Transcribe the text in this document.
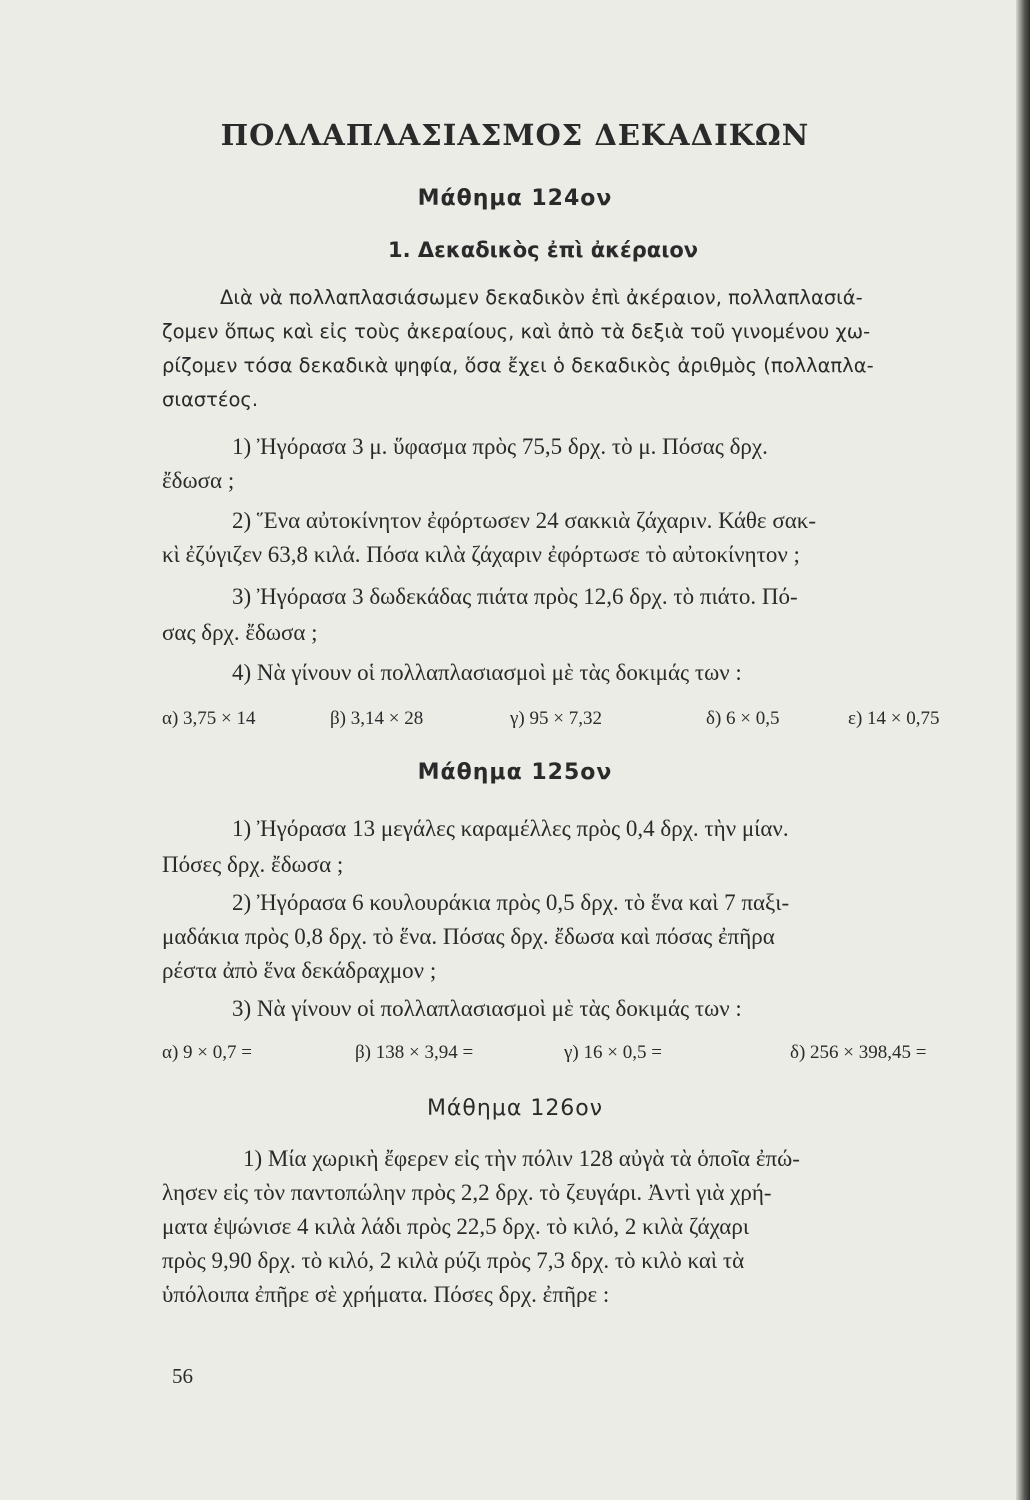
ΠΟΛΛΑΠΛΑΣΙΑΣΜΟΣ ΔΕΚΑΔΙΚΩΝ
Μάθημα 124ον
1. Δεκαδικὸς ἐπὶ ἀκέραιον
Διὰ νὰ πολλαπλασιάσωμεν δεκαδικὸν ἐπὶ ἀκέραιον, πολλαπλασιά-
ζομεν ὅπως καὶ εἰς τοὺς ἀκεραίους, καὶ ἀπὸ τὰ δεξιὰ τοῦ γινομένου χω-
ρίζομεν τόσα δεκαδικὰ ψηφία, ὅσα ἔχει ὁ δεκαδικὸς ἀριθμὸς (πολλαπλα-
σιαστέος.
1) Ἠγόρασα 3 μ. ὕφασμα πρὸς 75,5 δρχ. τὸ μ. Πόσας δρχ.
ἔδωσα ;
2) Ἕνα αὐτοκίνητον ἐφόρτωσεν 24 σακκιὰ ζάχαριν. Κάθε σακ-
κὶ ἐζύγιζεν 63,8 κιλά. Πόσα κιλὰ ζάχαριν ἐφόρτωσε τὸ αὐτοκίνητον ;
3) Ἠγόρασα 3 δωδεκάδας πιάτα πρὸς 12,6 δρχ. τὸ πιάτο. Πό-
σας δρχ. ἔδωσα ;
4) Νὰ γίνουν οἱ πολλαπλασιασμοὶ μὲ τὰς δοκιμάς των :
α) 3,75 × 14	β) 3,14 × 28	γ) 95 × 7,32	δ) 6 × 0,5	ε) 14 × 0,75
Μάθημα 125ον
1) Ἠγόρασα 13 μεγάλες καραμέλλες πρὸς 0,4 δρχ. τὴν μίαν.
Πόσες δρχ. ἔδωσα ;
2) Ἠγόρασα 6 κουλουράκια πρὸς 0,5 δρχ. τὸ ἕνα καὶ 7 παξι-
μαδάκια πρὸς 0,8 δρχ. τὸ ἕνα. Πόσας δρχ. ἔδωσα καὶ πόσας ἐπῆρα
ρέστα ἀπὸ ἕνα δεκάδραχμον ;
3) Νὰ γίνουν οἱ πολλαπλασιασμοὶ μὲ τὰς δοκιμάς των :
α) 9 × 0,7 =	β) 138 × 3,94 =	γ) 16 × 0,5 =	δ) 256 × 398,45 =
Μάθημα 126ον
1) Μία χωρικὴ ἔφερεν εἰς τὴν πόλιν 128 αὐγὰ τὰ ὁποῖα ἐπώ-
λησεν εἰς τὸν παντοπώλην πρὸς 2,2 δρχ. τὸ ζευγάρι. Ἀντὶ γιὰ χρή-
ματα ἐψώνισε 4 κιλὰ λάδι πρὸς 22,5 δρχ. τὸ κιλό, 2 κιλὰ ζάχαρι
πρὸς 9,90 δρχ. τὸ κιλό, 2 κιλὰ ρύζι πρὸς 7,3 δρχ. τὸ κιλὸ καὶ τὰ
ὑπόλοιπα ἐπῆρε σὲ χρήματα. Πόσες δρχ. ἐπῆρε :
56
